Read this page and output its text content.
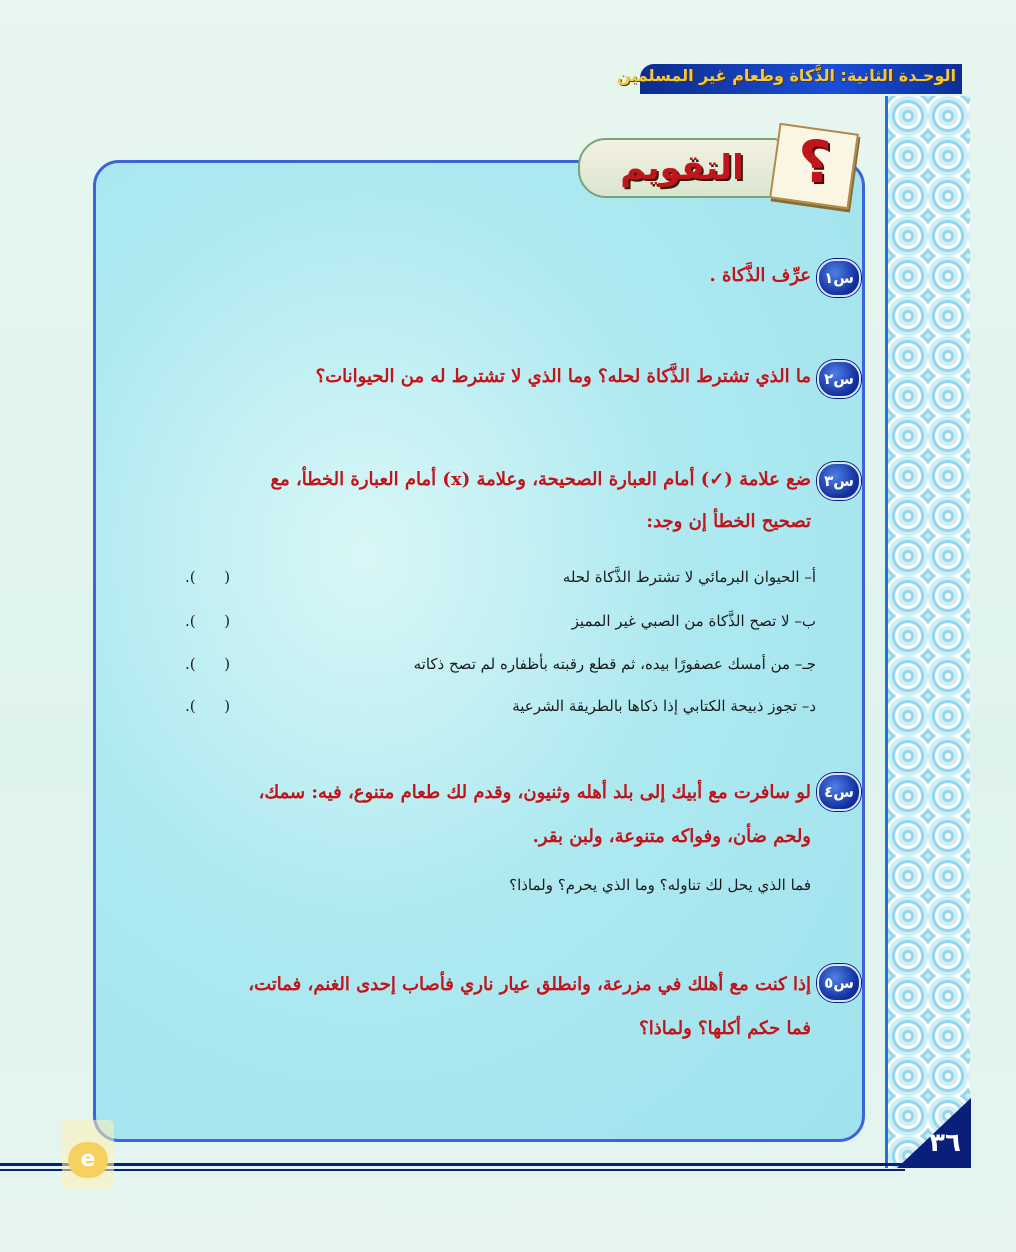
الوحـدة الثانية: الذَّكاة وطعام غير المسلمين
التقويم ؟
س١
عرِّف الذَّكاة .
س٢
ما الذي تشترط الذَّكاة لحله؟ وما الذي لا تشترط له من الحيوانات؟
س٣
ضع علامة (✓) أمام العبارة الصحيحة، وعلامة (x) أمام العبارة الخطأ، مع
تصحيح الخطأ إن وجد:
أ– الحيوان البرمائي لا تشترط الذَّكاة لحله
(      ).
ب– لا تصح الذَّكاة من الصبي غير المميز
(      ).
جـ– من أمسك عصفورًا بيده، ثم قطع رقبته بأظفاره لم تصح ذكاته
(      ).
د– تجوز ذبيحة الكتابي إذا ذكاها بالطريقة الشرعية
(      ).
س٤
لو سافرت مع أبيك إلى بلد أهله وثنيون، وقدم لك طعام متنوع، فيه: سمك،
ولحم ضأن، وفواكه متنوعة، ولبن بقر.
فما الذي يحل لك تناوله؟ وما الذي يحرم؟ ولماذا؟
س٥
إذا كنت مع أهلك في مزرعة، وانطلق عيار ناري فأصاب إحدى الغنم، فماتت،
فما حكم أكلها؟ ولماذا؟
٣٦
e
